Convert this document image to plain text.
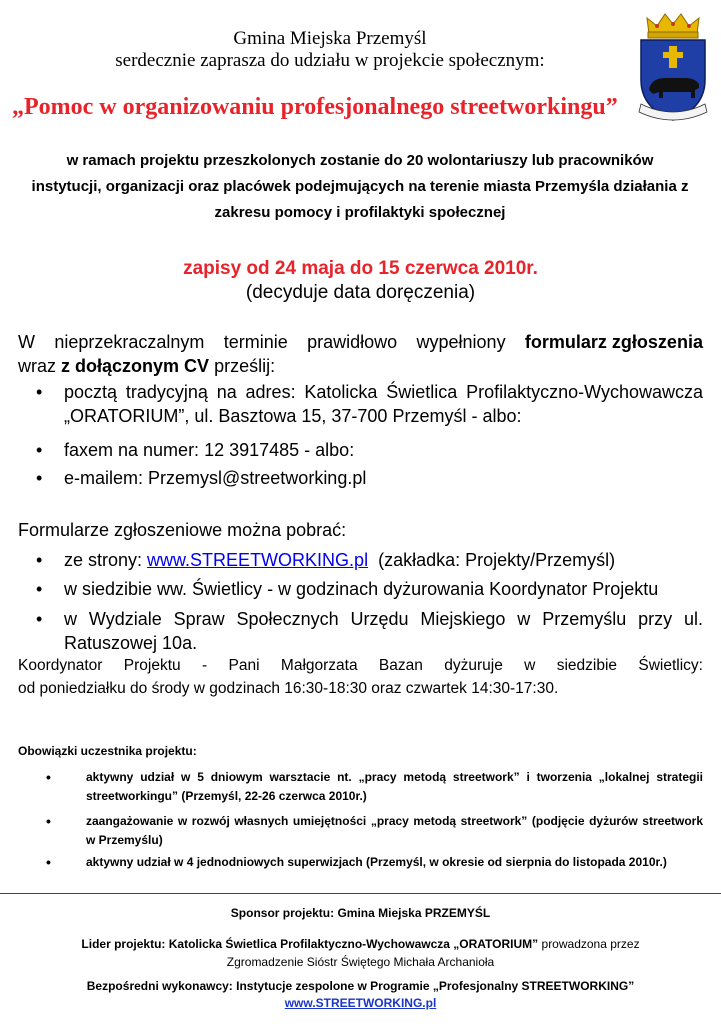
Gmina Miejska Przemyśl
serdecznie zaprasza do udziału w projekcie społecznym:
„Pomoc w organizowaniu profesjonalnego streetworkingu”
w ramach projektu przeszkolonych zostanie do 20 wolontariuszy lub pracowników instytucji, organizacji oraz placówek podejmujących na terenie miasta Przemyśla działania z zakresu pomocy i profilaktyki społecznej
zapisy od 24 maja do 15 czerwca 2010r.
(decyduje data doręczenia)
W nieprzekraczalnym terminie prawidłowo wypełniony formularz zgłoszenia
wraz z dołączonym CV prześlij:
• pocztą tradycyjną na adres: Katolicka Świetlica Profilaktyczno-Wychowawcza „ORATORIUM”, ul. Basztowa 15, 37-700 Przemyśl - albo:
• faxem na numer: 12 3917485 - albo:
• e-mailem: Przemysl@streetworking.pl
Formularze zgłoszeniowe można pobrać:
• ze strony: www.STREETWORKING.pl (zakładka: Projekty/Przemyśl)
• w siedzibie ww. Świetlicy - w godzinach dyżurowania Koordynator Projektu
• w Wydziale Spraw Społecznych Urzędu Miejskiego w Przemyślu przy ul. Ratuszowej 10a.
Koordynator Projektu - Pani Małgorzata Bazan dyżuruje w siedzibie Świetlicy:
od poniedziałku do środy w godzinach 16:30-18:30 oraz czwartek 14:30-17:30.
Obowiązki uczestnika projektu:
•	aktywny udział w 5 dniowym warsztacie nt. „pracy metodą streetwork” i tworzenia „lokalnej strategii streetworkingu” (Przemyśl, 22-26 czerwca 2010r.)
•	zaangażowanie w rozwój własnych umiejętności „pracy metodą streetwork” (podjęcie dyżurów streetwork w Przemyślu)
•	aktywny udział w 4 jednodniowych superwizjach (Przemyśl, w okresie od sierpnia do listopada 2010r.)
Sponsor projektu: Gmina Miejska PRZEMYŚL
Lider projektu: Katolicka Świetlica Profilaktyczno-Wychowawcza „ORATORIUM” prowadzona przez
Zgromadzenie Sióstr Świętego Michała Archanioła
Bezpośredni wykonawcy: Instytucje zespolone w Programie „Profesjonalny STREETWORKING”
www.STREETWORKING.pl
